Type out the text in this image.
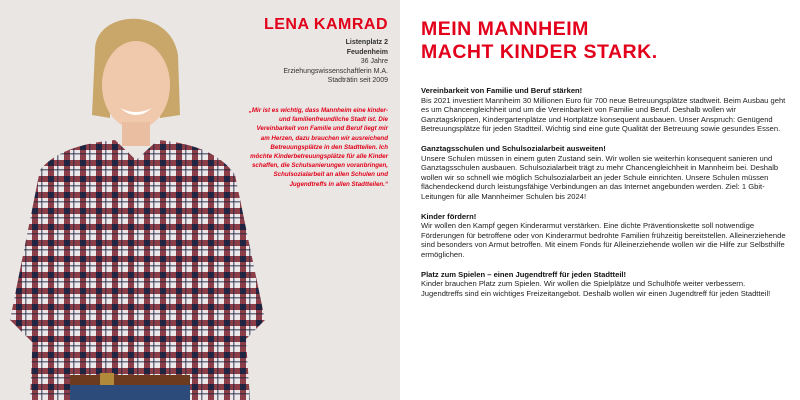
LENA KAMRAD
Listenplatz 2
Feudenheim
36 Jahre
Erziehungswissenschaftlerin M.A.
Stadträtin seit 2009
„Mir ist es wichtig, dass Mannheim eine kinder- und familienfreundliche Stadt ist. Die Vereinbarkeit von Familie und Beruf liegt mir am Herzen, dazu brauchen wir ausreichend Betreuungsplätze in den Stadtteilen. Ich möchte Kinderbetreuungsplätze für alle Kinder schaffen, die Schulsanierungen voranbringen, Schulsozialarbeit an allen Schulen und Jugendtreffs in allen Stadtteilen.“
MEIN MANNHEIM
MACHT KINDER STARK.
Vereinbarkeit von Familie und Beruf stärken!

Bis 2021 investiert Mannheim 30 Millionen Euro für 700 neue Betreuungsplätze stadtweit. Beim Ausbau geht es um Chancengleichheit und um die Vereinbarkeit von Familie und Beruf. Deshalb wollen wir Ganztagskrippen, Kindergartenplätze und Hortplätze konsequent ausbauen. Unser Anspruch: Genügend Betreuungsplätze für jeden Stadtteil. Wichtig sind eine gute Qualität der Betreuung sowie gesundes Essen.

Ganztagsschulen und Schulsozialarbeit ausweiten!

Unsere Schulen müssen in einem guten Zustand sein. Wir wollen sie weiterhin konsequent sanieren und Ganztagsschulen ausbauen. Schulsozialarbeit trägt zu mehr Chancengleichheit in Mannheim bei. Deshalb wollen wir so schnell wie möglich Schulsozialarbeit an jeder Schule einrichten. Unsere Schulen müssen flächendeckend durch leistungsfähige Verbindungen an das Internet angebunden werden. Ziel: 1 Gbit-Leitungen für alle Mannheimer Schulen bis 2024!

Kinder fördern!

Wir wollen den Kampf gegen Kinderarmut verstärken. Eine dichte Präventionskette soll notwendige Förderungen für betroffene oder von Kinderarmut bedrohte Familien frühzeitig bereitstellen. Alleinerziehende sind besonders von Armut betroffen. Mit einem Fonds für Alleinerziehende wollen wir die Hilfe zur Selbsthilfe ermöglichen.

Platz zum Spielen – einen Jugendtreff für jeden Stadtteil!

Kinder brauchen Platz zum Spielen. Wir wollen die Spielplätze und Schulhöfe weiter verbessern. Jugendtreffs sind ein wichtiges Freizeitangebot. Deshalb wollen wir einen Jugendtreff für jeden Stadtteil!
